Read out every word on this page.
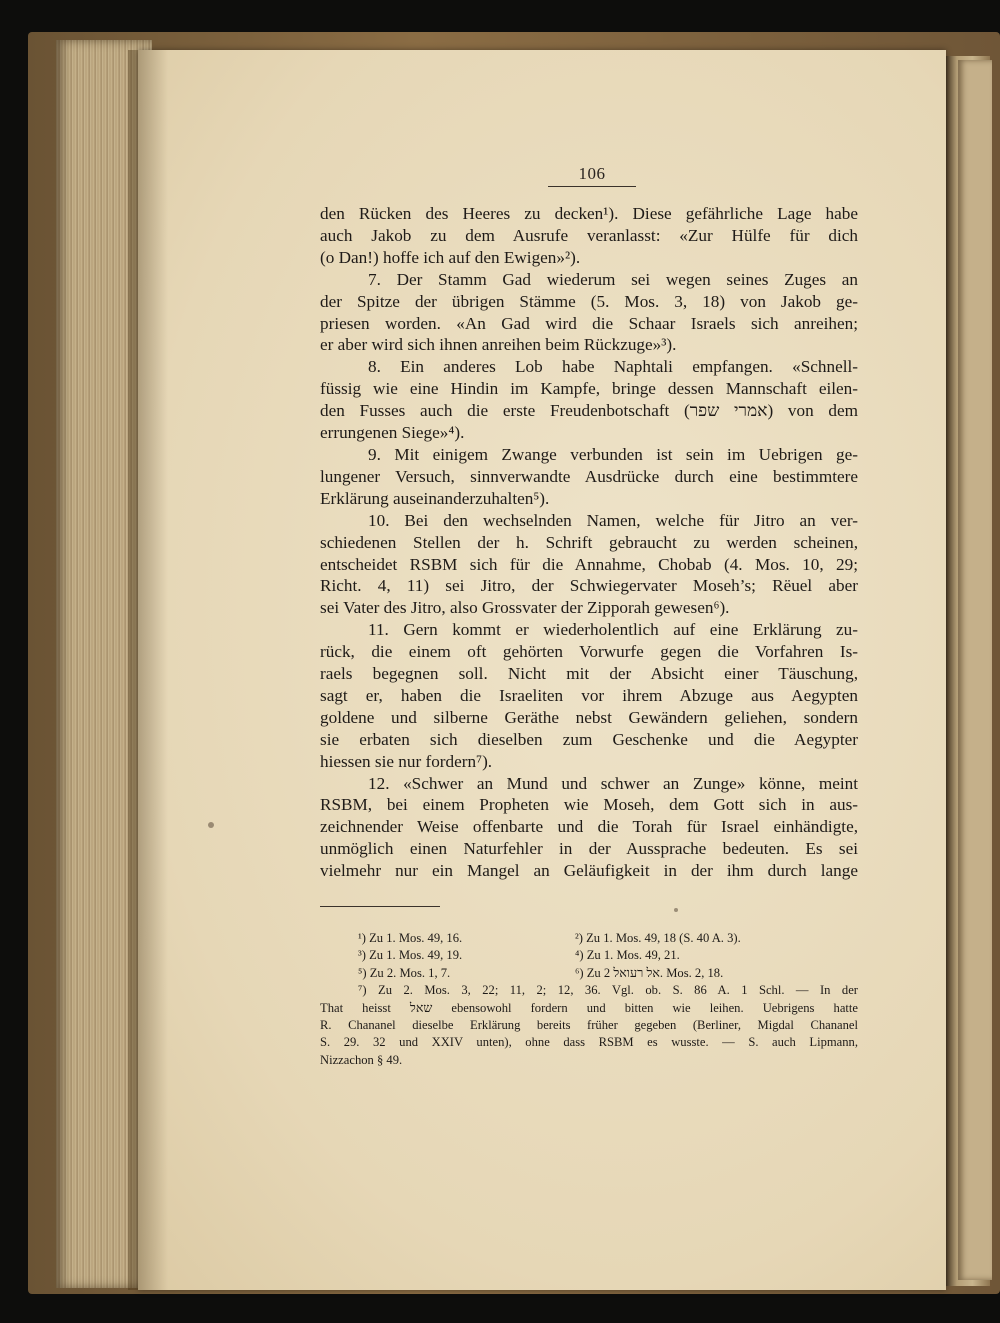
106
den Rücken des Heeres zu decken¹). Diese gefährliche Lage habe
auch Jakob zu dem Ausrufe veranlasst: «Zur Hülfe für dich
(o Dan!) hoffe ich auf den Ewigen»²).
7. Der Stamm Gad wiederum sei wegen seines Zuges an
der Spitze der übrigen Stämme (5. Mos. 3, 18) von Jakob ge-
priesen worden. «An Gad wird die Schaar Israels sich anreihen;
er aber wird sich ihnen anreihen beim Rückzuge»³).
8. Ein anderes Lob habe Naphtali empfangen. «Schnell-
füssig wie eine Hindin im Kampfe, bringe dessen Mannschaft eilen-
den Fusses auch die erste Freudenbotschaft (אמרי שפר) von dem
errungenen Siege»⁴).
9. Mit einigem Zwange verbunden ist sein im Uebrigen ge-
lungener Versuch, sinnverwandte Ausdrücke durch eine bestimmtere
Erklärung auseinanderzuhalten⁵).
10. Bei den wechselnden Namen, welche für Jitro an ver-
schiedenen Stellen der h. Schrift gebraucht zu werden scheinen,
entscheidet RSBM sich für die Annahme, Chobab (4. Mos. 10, 29;
Richt. 4, 11) sei Jitro, der Schwiegervater Moseh’s; Rëuel aber
sei Vater des Jitro, also Grossvater der Zipporah gewesen⁶).
11. Gern kommt er wiederholentlich auf eine Erklärung zu-
rück, die einem oft gehörten Vorwurfe gegen die Vorfahren Is-
raels begegnen soll. Nicht mit der Absicht einer Täuschung,
sagt er, haben die Israeliten vor ihrem Abzuge aus Aegypten
goldene und silberne Geräthe nebst Gewändern geliehen, sondern
sie erbaten sich dieselben zum Geschenke und die Aegypter
hiessen sie nur fordern⁷).
12. «Schwer an Mund und schwer an Zunge» könne, meint
RSBM, bei einem Propheten wie Moseh, dem Gott sich in aus-
zeichnender Weise offenbarte und die Torah für Israel einhändigte,
unmöglich einen Naturfehler in der Aussprache bedeuten. Es sei
vielmehr nur ein Mangel an Geläufigkeit in der ihm durch lange
¹) Zu 1. Mos. 49, 16.	²) Zu 1. Mos. 49, 18 (S. 40 A. 3).
³) Zu 1. Mos. 49, 19.	⁴) Zu 1. Mos. 49, 21.
⁵) Zu 2. Mos. 1, 7.	⁶) Zu אל רעואל 2. Mos. 2, 18.
⁷) Zu 2. Mos. 3, 22; 11, 2; 12, 36. Vgl. ob. S. 86 A. 1 Schl. — In der
That heisst שאל ebensowohl fordern und bitten wie leihen. Uebrigens hatte
R. Chananel dieselbe Erklärung bereits früher gegeben (Berliner, Migdal Chananel
S. 29. 32 und XXIV unten), ohne dass RSBM es wusste. — S. auch Lipmann,
Nizzachon § 49.
